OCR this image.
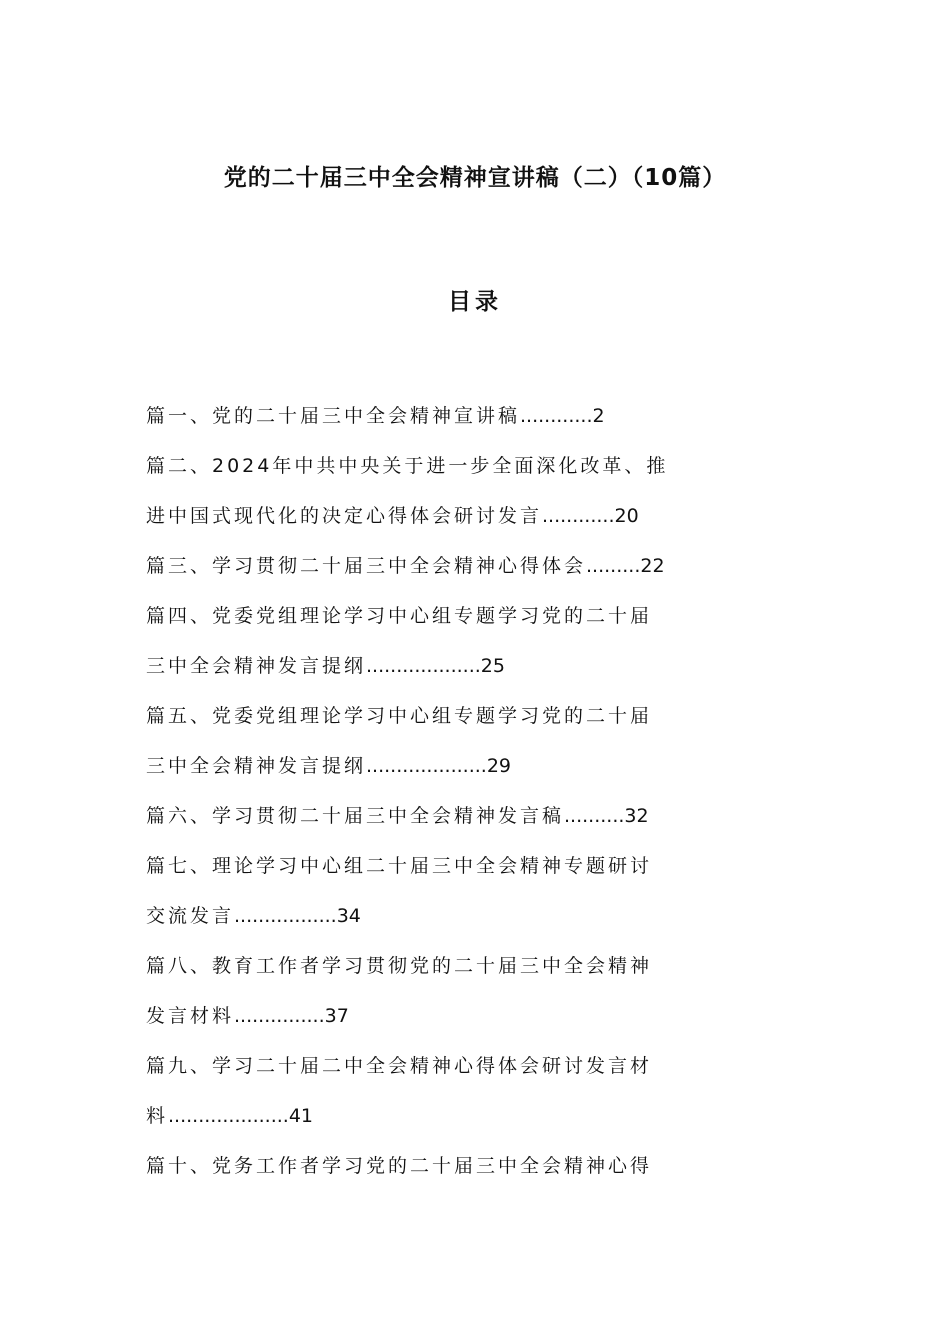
党的二十届三中全会精神宣讲稿（二）（10篇）
目录
篇一、党的二十届三中全会精神宣讲稿............2
篇二、2024年中共中央关于进一步全面深化改革、推
进中国式现代化的决定心得体会研讨发言............20
篇三、学习贯彻二十届三中全会精神心得体会.........22
篇四、党委党组理论学习中心组专题学习党的二十届
三中全会精神发言提纲...................25
篇五、党委党组理论学习中心组专题学习党的二十届
三中全会精神发言提纲....................29
篇六、学习贯彻二十届三中全会精神发言稿..........32
篇七、理论学习中心组二十届三中全会精神专题研讨
交流发言.................34
篇八、教育工作者学习贯彻党的二十届三中全会精神
发言材料...............37
篇九、学习二十届二中全会精神心得体会研讨发言材
料....................41
篇十、党务工作者学习党的二十届三中全会精神心得
